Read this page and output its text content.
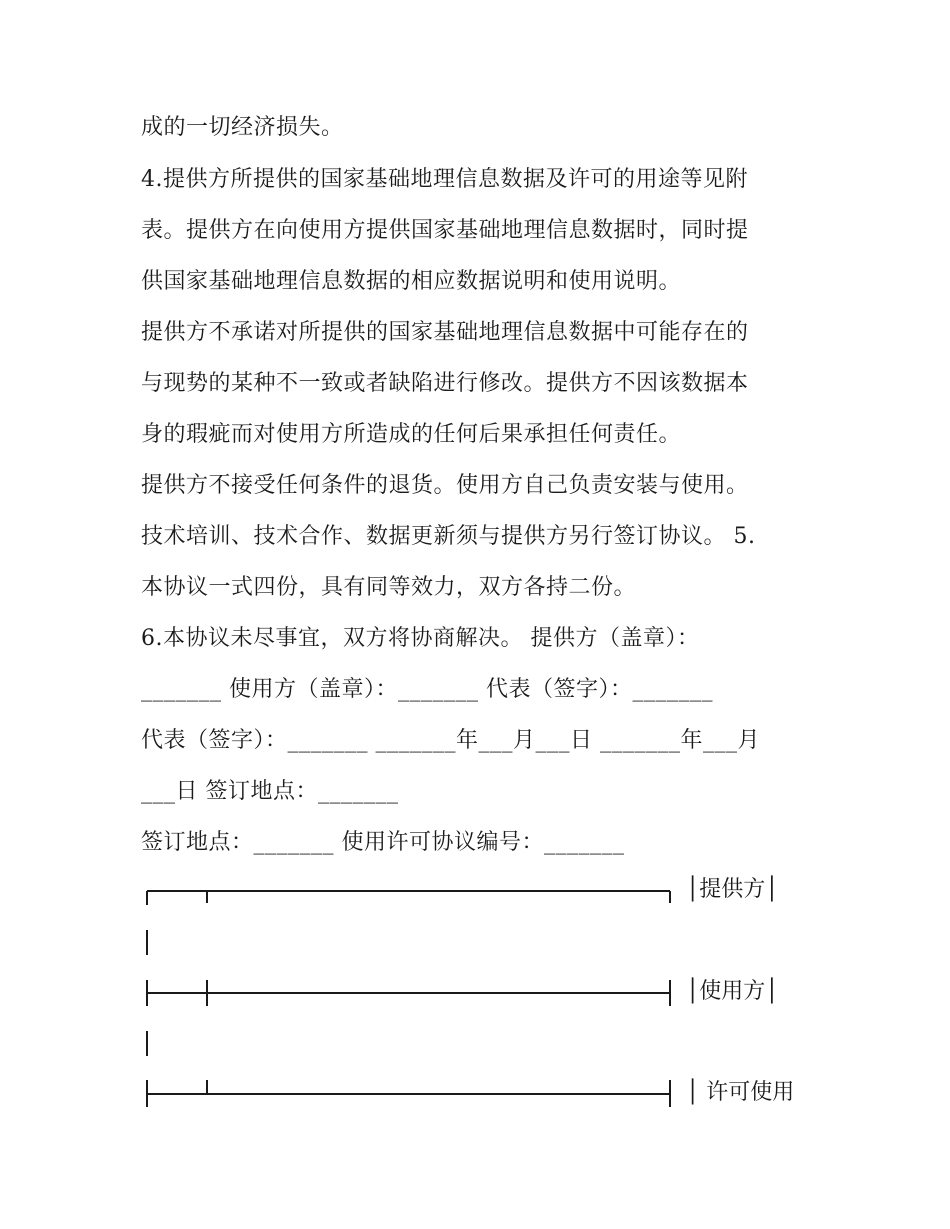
成的一切经济损失。
4.提供方所提供的国家基础地理信息数据及许可的用途等见附
表。提供方在向使用方提供国家基础地理信息数据时，同时提
供国家基础地理信息数据的相应数据说明和使用说明。
提供方不承诺对所提供的国家基础地理信息数据中可能存在的
与现势的某种不一致或者缺陷进行修改。提供方不因该数据本
身的瑕疵而对使用方所造成的任何后果承担任何责任。
提供方不接受任何条件的退货。使用方自己负责安装与使用。
技术培训、技术合作、数据更新须与提供方另行签订协议。 5.
本协议一式四份，具有同等效力，双方各持二份。
6.本协议未尽事宜，双方将协商解决。 提供方（盖章）：
_______ 使用方（盖章）：_______ 代表（签字）：_______
代表（签字）：_______ _______年___月___日 _______年___月
___日 签订地点：_______
签订地点：_______ 使用许可协议编号：_______
│提供方│
│使用方│
│ 许可使用
